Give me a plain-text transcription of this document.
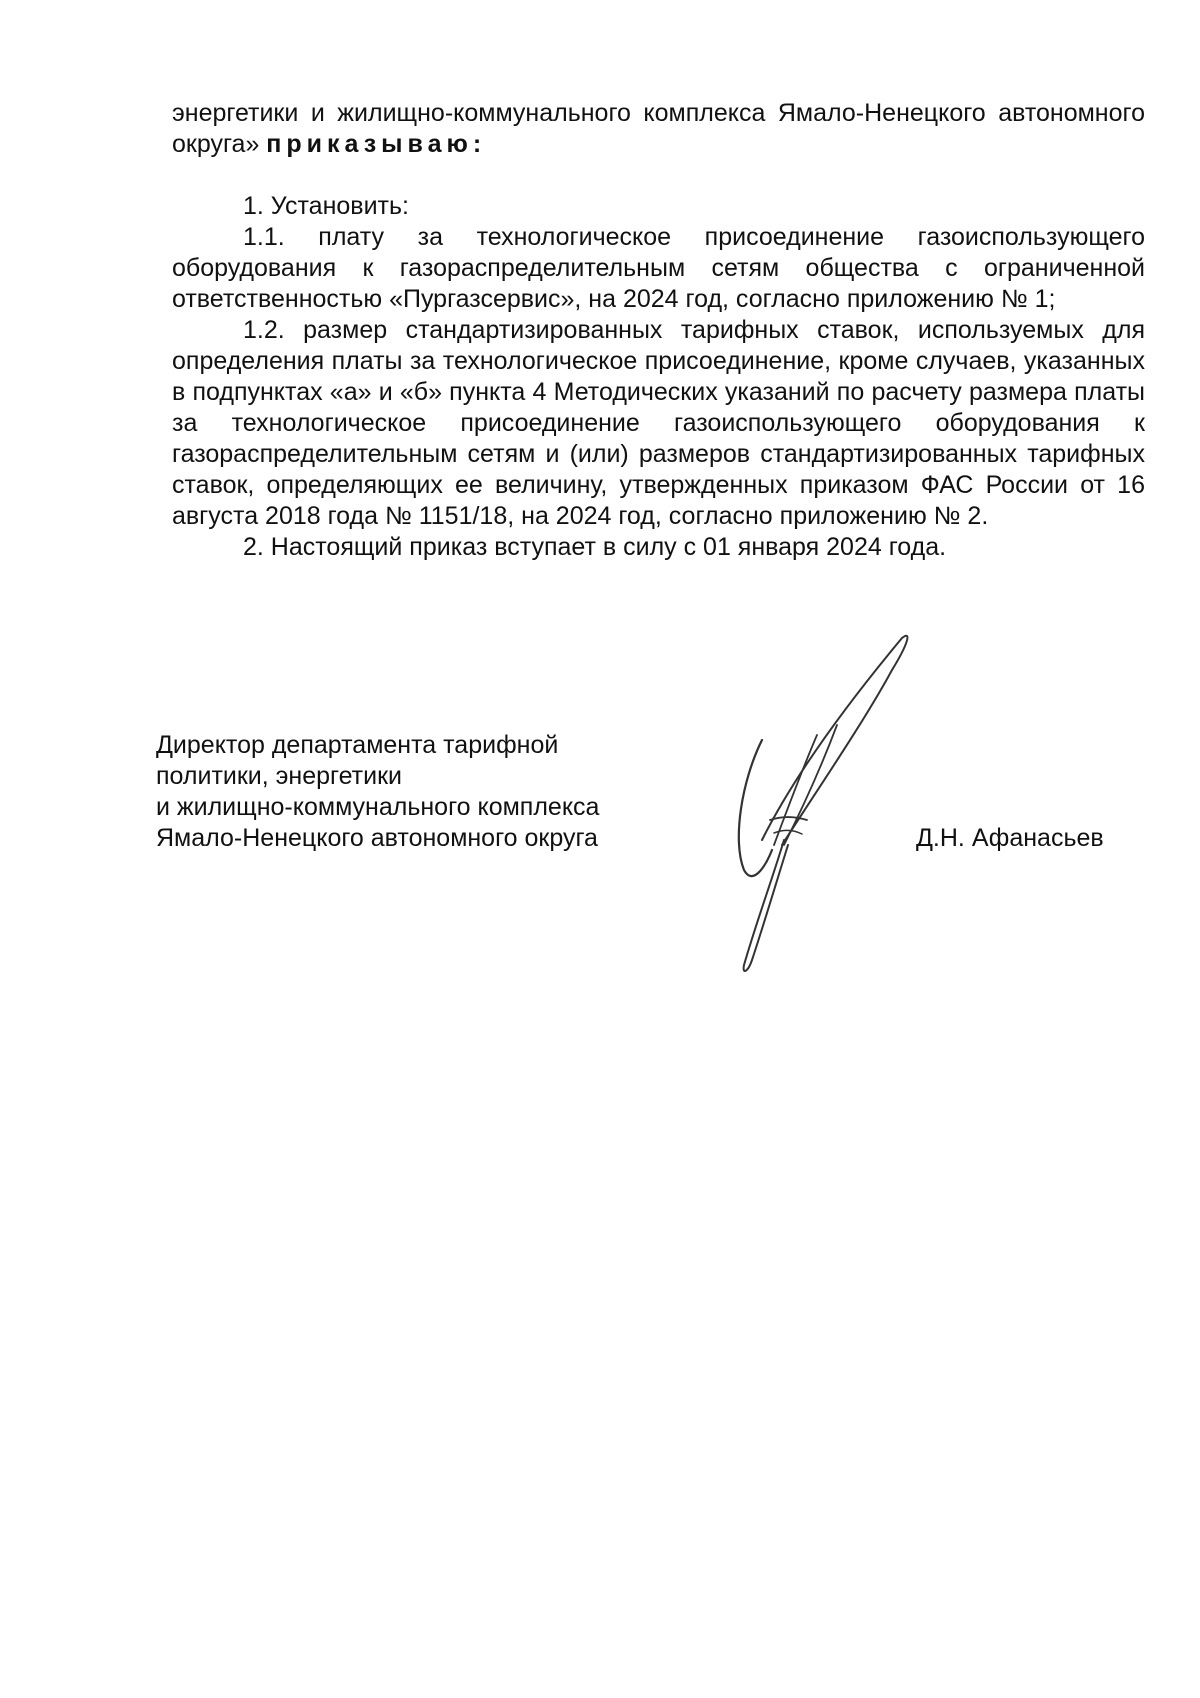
энергетики и жилищно-коммунального комплекса Ямало-Ненецкого автономного округа» приказываю:

1. Установить:

1.1. плату за технологическое присоединение газоиспользующего оборудования к газораспределительным сетям общества с ограниченной ответственностью «Пургазсервис», на 2024 год, согласно приложению № 1;

1.2. размер стандартизированных тарифных ставок, используемых для определения платы за технологическое присоединение, кроме случаев, указанных в подпунктах «а» и «б» пункта 4 Методических указаний по расчету размера платы за технологическое присоединение газоиспользующего оборудования к газораспределительным сетям и (или) размеров стандартизированных тарифных ставок, определяющих ее величину, утвержденных приказом ФАС России от 16 августа 2018 года № 1151/18, на 2024 год, согласно приложению № 2.

2. Настоящий приказ вступает в силу с 01 января 2024 года.

Директор департамента тарифной
политики, энергетики
и жилищно-коммунального комплекса
Ямало-Ненецкого автономного округа	Д.Н. Афанасьев
